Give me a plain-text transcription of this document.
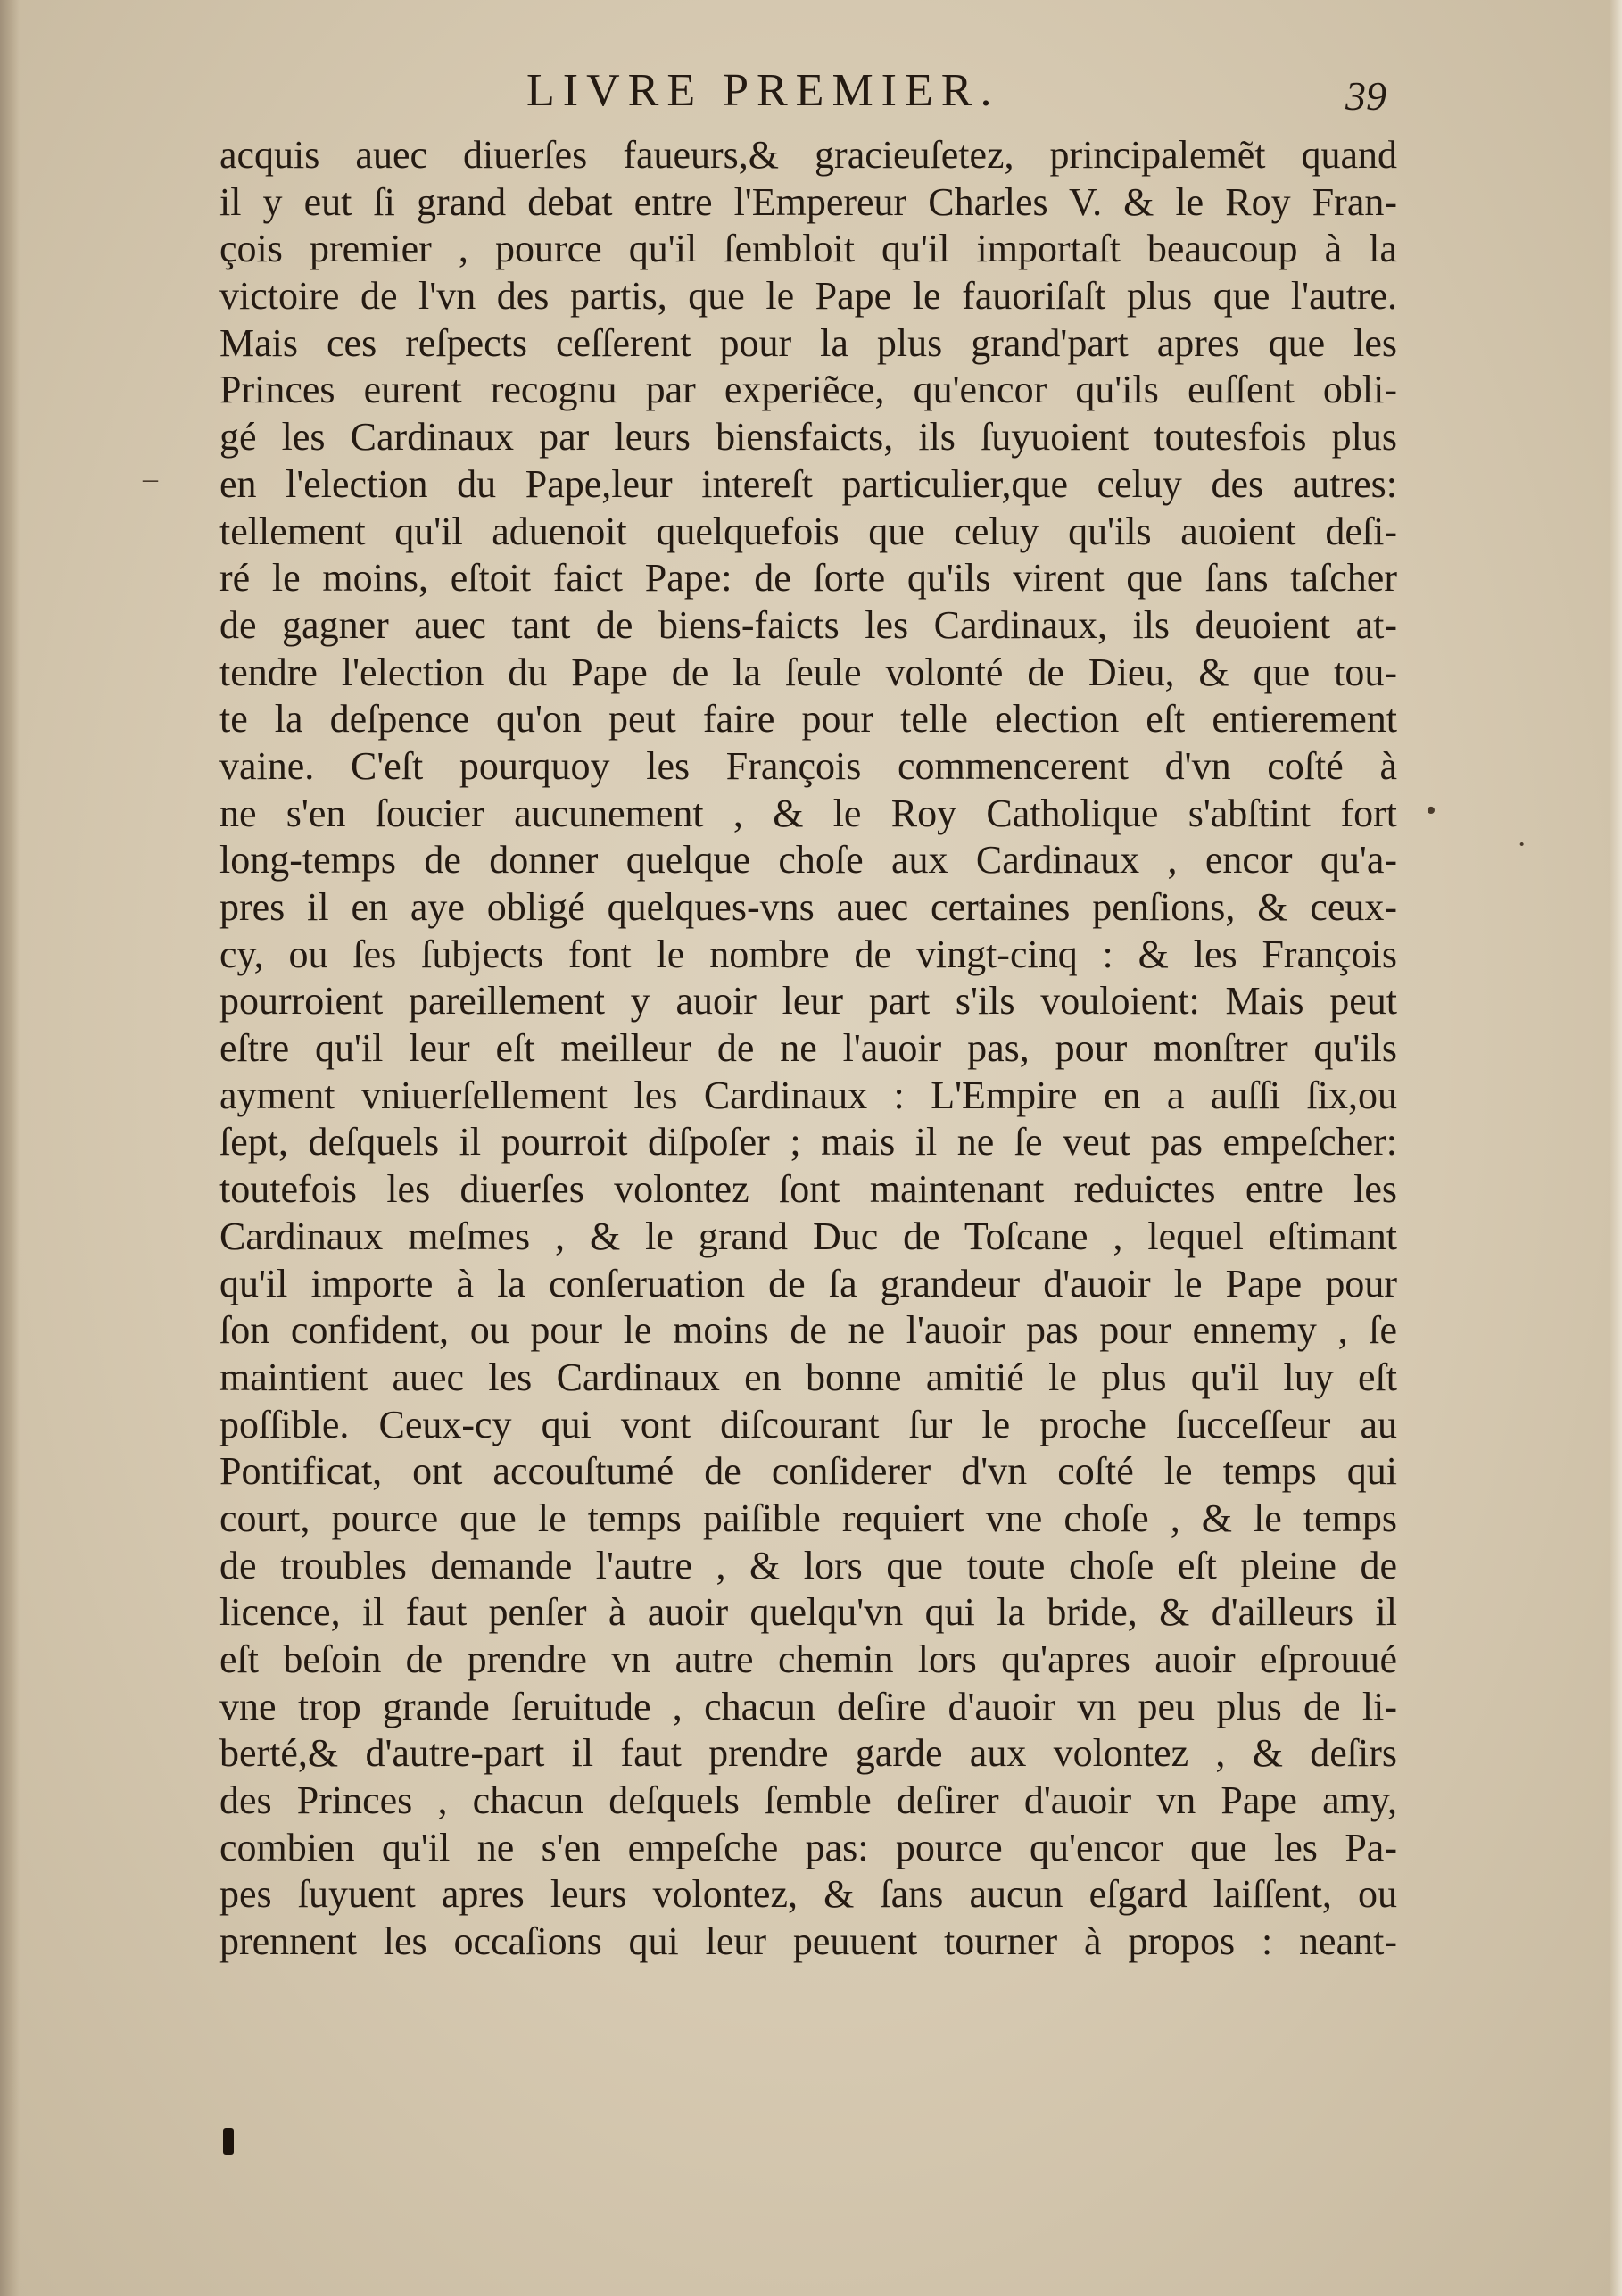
LIVRE PREMIER.	39
acquis auec diuerſes faueurs,& gracieuſetez, principalemẽt quand
il y eut ſi grand debat entre l'Empereur Charles V. & le Roy Fran-
çois premier , pource qu'il ſembloit qu'il importaſt beaucoup à la
victoire de l'vn des partis, que le Pape le fauoriſaſt plus que l'autre.
Mais ces reſpects ceſſerent pour la plus grand'part apres que les
Princes eurent recognu par experiẽce, qu'encor qu'ils euſſent obli-
gé les Cardinaux par leurs biensfaicts, ils ſuyuoient toutesfois plus
en l'election du Pape,leur intereſt particulier,que celuy des autres:
tellement qu'il aduenoit quelquefois que celuy qu'ils auoient deſi-
ré le moins, eſtoit faict Pape: de ſorte qu'ils virent que ſans taſcher
de gagner auec tant de biens-faicts les Cardinaux, ils deuoient at-
tendre l'election du Pape de la ſeule volonté de Dieu, & que tou-
te la deſpence qu'on peut faire pour telle election eſt entierement
vaine. C'eſt pourquoy les François commencerent d'vn coſté à
ne s'en ſoucier aucunement , & le Roy Catholique s'abſtint fort
long-temps de donner quelque choſe aux Cardinaux , encor qu'a-
pres il en aye obligé quelques-vns auec certaines penſions, & ceux-
cy, ou ſes ſubjects font le nombre de vingt-cinq : & les François
pourroient pareillement y auoir leur part s'ils vouloient: Mais peut
eſtre qu'il leur eſt meilleur de ne l'auoir pas, pour monſtrer qu'ils
ayment vniuerſellement les Cardinaux : L'Empire en a auſſi ſix,ou
ſept, deſquels il pourroit diſpoſer ; mais il ne ſe veut pas empeſcher:
toutefois les diuerſes volontez ſont maintenant reduictes entre les
Cardinaux meſmes , & le grand Duc de Toſcane , lequel eſtimant
qu'il importe à la conſeruation de ſa grandeur d'auoir le Pape pour
ſon confident, ou pour le moins de ne l'auoir pas pour ennemy , ſe
maintient auec les Cardinaux en bonne amitié le plus qu'il luy eſt
poſſible. Ceux-cy qui vont diſcourant ſur le proche ſucceſſeur au
Pontificat, ont accouſtumé de conſiderer d'vn coſté le temps qui
court, pource que le temps paiſible requiert vne choſe , & le temps
de troubles demande l'autre , & lors que toute choſe eſt pleine de
licence, il faut penſer à auoir quelqu'vn qui la bride, & d'ailleurs il
eſt beſoin de prendre vn autre chemin lors qu'apres auoir eſprouué
vne trop grande ſeruitude , chacun deſire d'auoir vn peu plus de li-
berté,& d'autre-part il faut prendre garde aux volontez , & deſirs
des Princes , chacun deſquels ſemble deſirer d'auoir vn Pape amy,
combien qu'il ne s'en empeſche pas: pource qu'encor que les Pa-
pes ſuyuent apres leurs volontez, & ſans aucun eſgard laiſſent, ou
prennent les occaſions qui leur peuuent tourner à propos : neant-
–
•
·
